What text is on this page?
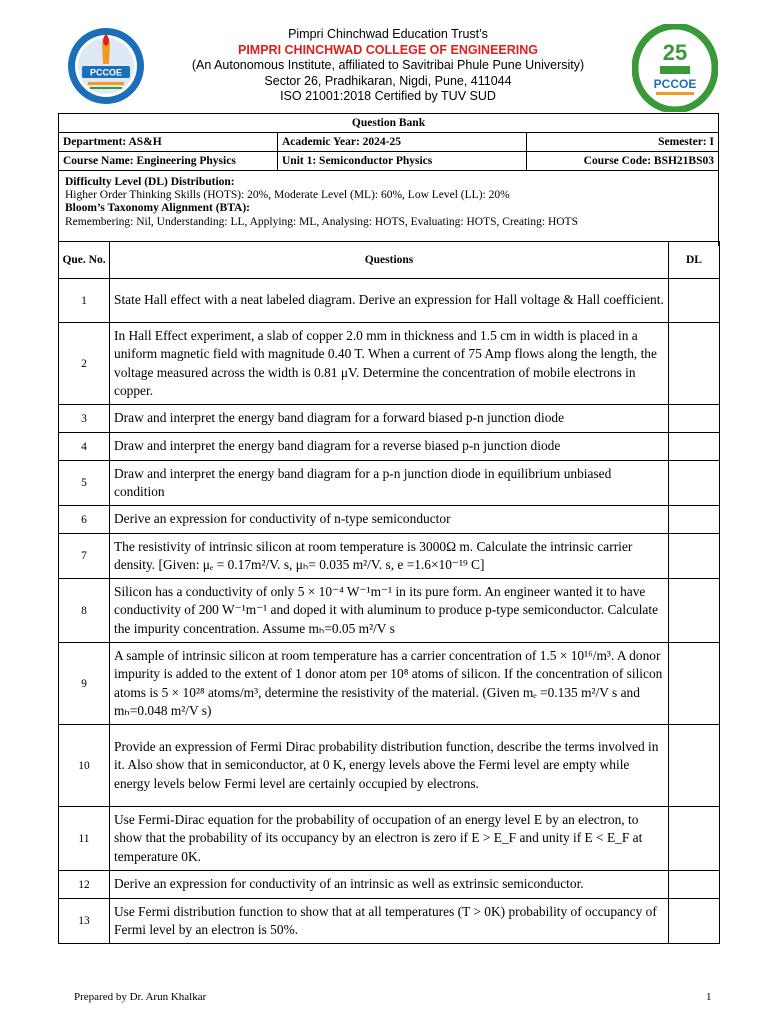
PCCOE
Pimpri Chinchwad Education Trust’s
PIMPRI CHINCHWAD COLLEGE OF ENGINEERING
(An Autonomous Institute, affiliated to Savitribai Phule Pune University)
Sector 26, Pradhikaran, Nigdi, Pune, 411044
ISO 21001:2018 Certified by TUV SUD
25
PCCOE
Question Bank		
Department: AS&H	Academic Year: 2024-25	Semester: I
Course Name: Engineering Physics	Unit 1: Semiconductor Physics	Course Code: BSH21BS03
Difficulty Level (DL) Distribution:
Higher Order Thinking Skills (HOTS): 20%, Moderate Level (ML): 60%, Low Level (LL): 20%
Bloom’s Taxonomy Alignment (BTA):
Remembering: Nil, Understanding: LL, Applying: ML, Analysing: HOTS, Evaluating: HOTS, Creating: HOTS
Que. No.	Questions	DL
1	State Hall effect with a neat labeled diagram. Derive an expression for Hall voltage & Hall coefficient.	
2	In Hall Effect experiment, a slab of copper 2.0 mm in thickness and 1.5 cm in width is placed in a uniform magnetic field with magnitude 0.40 T. When a current of 75 Amp flows along the length, the voltage measured across the width is 0.81 μV. Determine the concentration of mobile electrons in copper.	
3	Draw and interpret the energy band diagram for a forward biased p-n junction diode	
4	Draw and interpret the energy band diagram for a reverse biased p-n junction diode	
5	Draw and interpret the energy band diagram for a p-n junction diode in equilibrium unbiased condition	
6	Derive an expression for conductivity of n-type semiconductor	
7	The resistivity of intrinsic silicon at room temperature is 3000Ω m. Calculate the intrinsic carrier density. [Given: μₑ = 0.17m²/V. s, μₕ= 0.035 m²/V. s, e =1.6×10⁻¹⁹ C]	
8	Silicon has a conductivity of only 5 × 10⁻⁴ W⁻¹m⁻¹ in its pure form. An engineer wanted it to have conductivity of 200 W⁻¹m⁻¹ and doped it with aluminum to produce p-type semiconductor. Calculate the impurity concentration. Assume mₕ=0.05 m²/V s	
9	A sample of intrinsic silicon at room temperature has a carrier concentration of 1.5 × 10¹⁶/m³. A donor impurity is added to the extent of 1 donor atom per 10⁸ atoms of silicon. If the concentration of silicon atoms is 5 × 10²⁸ atoms/m³, determine the resistivity of the material. (Given mₑ =0.135 m²/V s and mₕ=0.048 m²/V s)	
10	Provide an expression of Fermi Dirac probability distribution function, describe the terms involved in it. Also show that in semiconductor, at 0 K, energy levels above the Fermi level are empty while energy levels below Fermi level are certainly occupied by electrons.	
11	Use Fermi-Dirac equation for the probability of occupation of an energy level E by an electron, to show that the probability of its occupancy by an electron is zero if E > E_F and unity if E < E_F at temperature 0K.	
12	Derive an expression for conductivity of an intrinsic as well as extrinsic semiconductor.	
13	Use Fermi distribution function to show that at all temperatures (T > 0K) probability of occupancy of Fermi level by an electron is 50%.	
Prepared by Dr. Arun Khalkar	1
